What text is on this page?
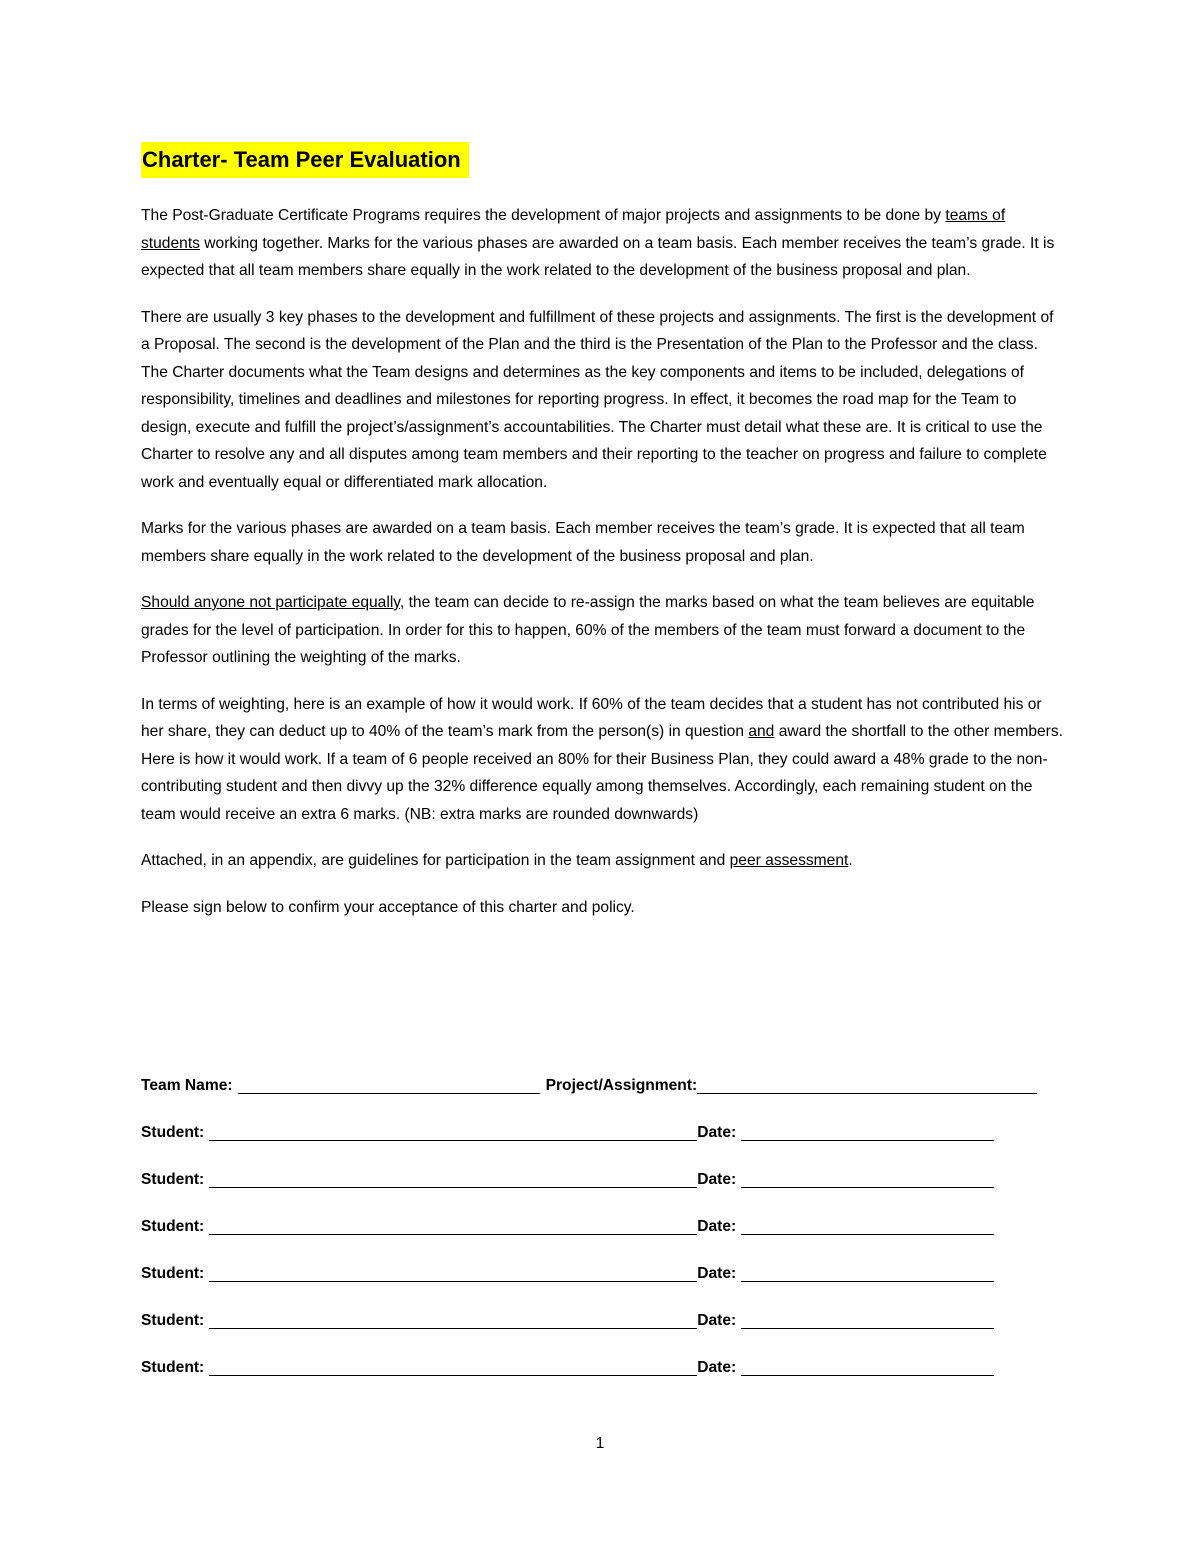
Charter- Team Peer Evaluation

The Post-Graduate Certificate Programs requires the development of major projects and assignments to be done by teams of students working together. Marks for the various phases are awarded on a team basis. Each member receives the team’s grade. It is expected that all team members share equally in the work related to the development of the business proposal and plan.

There are usually 3 key phases to the development and fulfillment of these projects and assignments. The first is the development of a Proposal. The second is the development of the Plan and the third is the Presentation of the Plan to the Professor and the class. The Charter documents what the Team designs and determines as the key components and items to be included, delegations of responsibility, timelines and deadlines and milestones for reporting progress. In effect, it becomes the road map for the Team to design, execute and fulfill the project’s/assignment’s accountabilities. The Charter must detail what these are. It is critical to use the Charter to resolve any and all disputes among team members and their reporting to the teacher on progress and failure to complete work and eventually equal or differentiated mark allocation.

Marks for the various phases are awarded on a team basis. Each member receives the team’s grade. It is expected that all team members share equally in the work related to the development of the business proposal and plan.

Should anyone not participate equally, the team can decide to re-assign the marks based on what the team believes are equitable grades for the level of participation. In order for this to happen, 60% of the members of the team must forward a document to the Professor outlining the weighting of the marks.

In terms of weighting, here is an example of how it would work. If 60% of the team decides that a student has not contributed his or her share, they can deduct up to 40% of the team’s mark from the person(s) in question and award the shortfall to the other members. Here is how it would work. If a team of 6 people received an 80% for their Business Plan, they could award a 48% grade to the non-contributing student and then divvy up the 32% difference equally among themselves. Accordingly, each remaining student on the team would receive an extra 6 marks. (NB: extra marks are rounded downwards)

Attached, in an appendix, are guidelines for participation in the team assignment and peer assessment.

Please sign below to confirm your acceptance of this charter and policy.

Team Name:	Project/Assignment:
Student:	Date:
Student:	Date:
Student:	Date:
Student:	Date:
Student:	Date:
Student:	Date:
1
